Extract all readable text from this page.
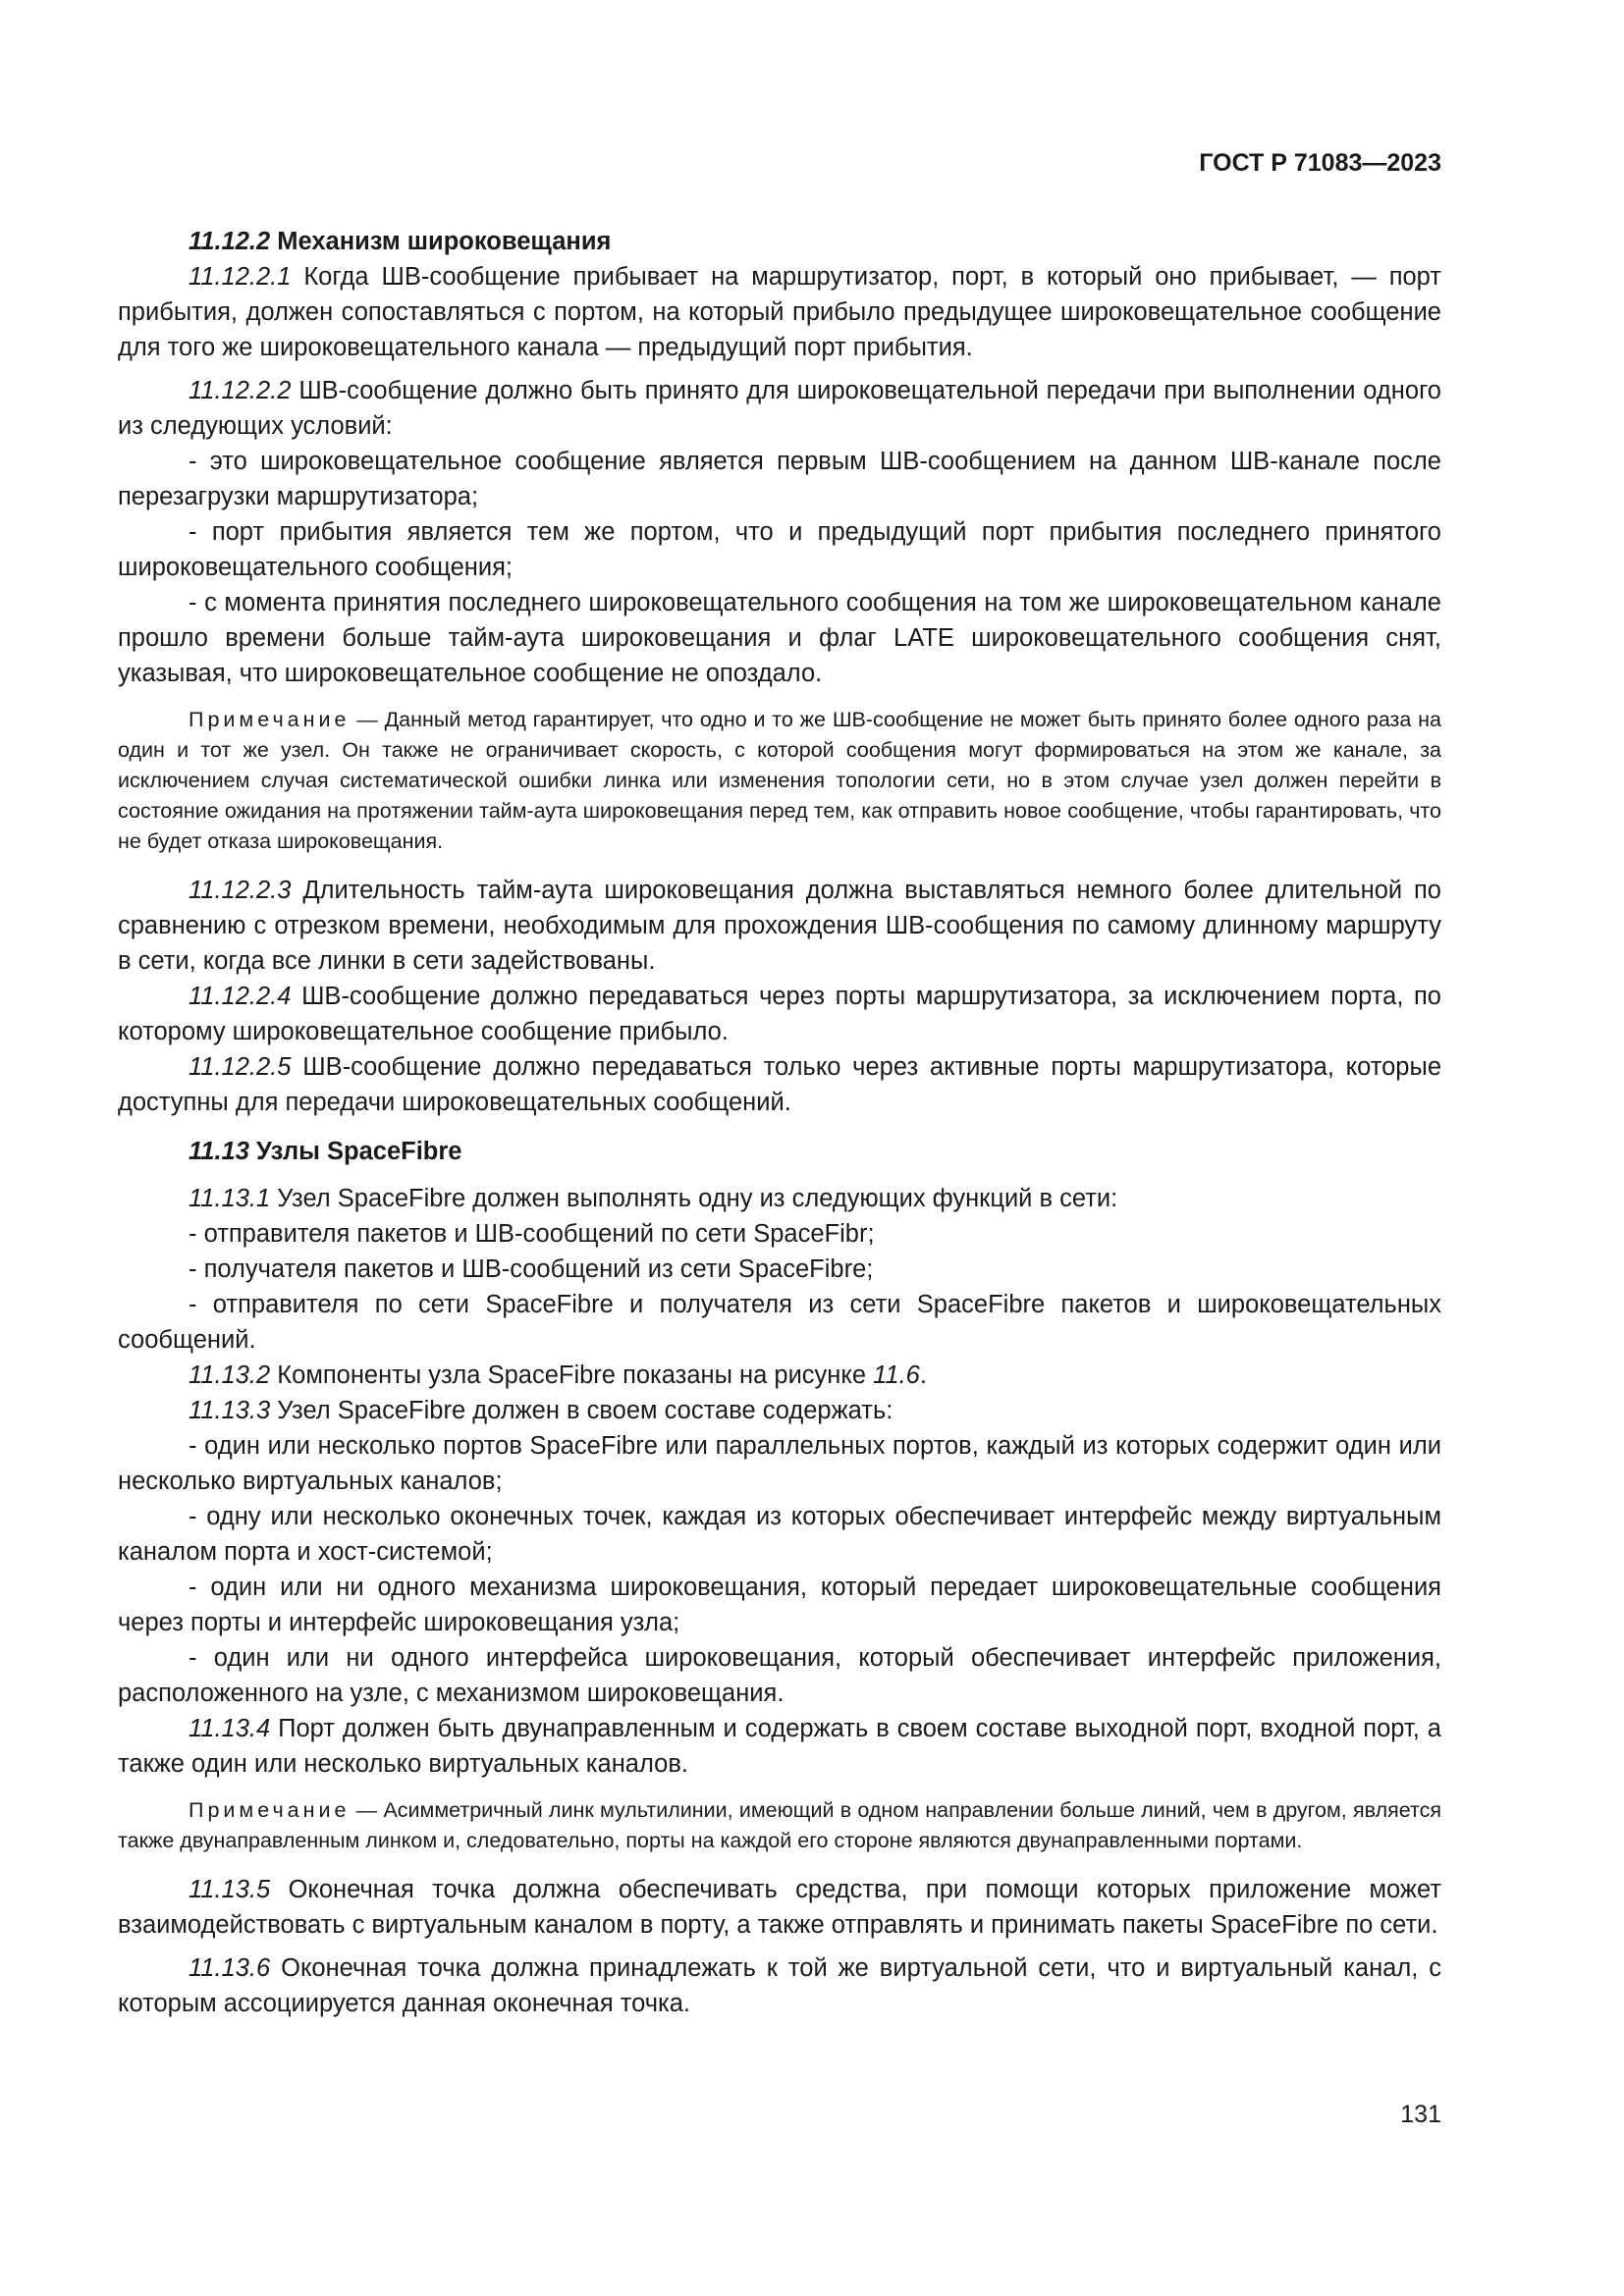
ГОСТ Р 71083—2023

11.12.2 Механизм широковещания

11.12.2.1 Когда ШВ-сообщение прибывает на маршрутизатор, порт, в который оно прибывает, — порт прибытия, должен сопоставляться с портом, на который прибыло предыдущее широковещательное сообщение для того же широковещательного канала — предыдущий порт прибытия.

11.12.2.2 ШВ-сообщение должно быть принято для широковещательной передачи при выполнении одного из следующих условий:

- это широковещательное сообщение является первым ШВ-сообщением на данном ШВ-канале после перезагрузки маршрутизатора;

- порт прибытия является тем же портом, что и предыдущий порт прибытия последнего принятого широковещательного сообщения;

- с момента принятия последнего широковещательного сообщения на том же широковещательном канале прошло времени больше тайм-аута широковещания и флаг LATE широковещательного сообщения снят, указывая, что широковещательное сообщение не опоздало.

Примечание — Данный метод гарантирует, что одно и то же ШВ-сообщение не может быть принято более одного раза на один и тот же узел. Он также не ограничивает скорость, с которой сообщения могут формироваться на этом же канале, за исключением случая систематической ошибки линка или изменения топологии сети, но в этом случае узел должен перейти в состояние ожидания на протяжении тайм-аута широковещания перед тем, как отправить новое сообщение, чтобы гарантировать, что не будет отказа широковещания.

11.12.2.3 Длительность тайм-аута широковещания должна выставляться немного более длительной по сравнению с отрезком времени, необходимым для прохождения ШВ-сообщения по самому длинному маршруту в сети, когда все линки в сети задействованы.

11.12.2.4 ШВ-сообщение должно передаваться через порты маршрутизатора, за исключением порта, по которому широковещательное сообщение прибыло.

11.12.2.5 ШВ-сообщение должно передаваться только через активные порты маршрутизатора, которые доступны для передачи широковещательных сообщений.

11.13 Узлы SpaceFibre

11.13.1 Узел SpaceFibre должен выполнять одну из следующих функций в сети:

- отправителя пакетов и ШВ-сообщений по сети SpaceFibr;

- получателя пакетов и ШВ-сообщений из сети SpaceFibre;

- отправителя по сети SpaceFibre и получателя из сети SpaceFibre пакетов и широковещательных сообщений.

11.13.2 Компоненты узла SpaceFibre показаны на рисунке 11.6.

11.13.3 Узел SpaceFibre должен в своем составе содержать:

- один или несколько портов SpaceFibre или параллельных портов, каждый из которых содержит один или несколько виртуальных каналов;

- одну или несколько оконечных точек, каждая из которых обеспечивает интерфейс между виртуальным каналом порта и хост-системой;

- один или ни одного механизма широковещания, который передает широковещательные сообщения через порты и интерфейс широковещания узла;

- один или ни одного интерфейса широковещания, который обеспечивает интерфейс приложения, расположенного на узле, с механизмом широковещания.

11.13.4 Порт должен быть двунаправленным и содержать в своем составе выходной порт, входной порт, а также один или несколько виртуальных каналов.

Примечание — Асимметричный линк мультилинии, имеющий в одном направлении больше линий, чем в другом, является также двунаправленным линком и, следовательно, порты на каждой его стороне являются двунаправленными портами.

11.13.5 Оконечная точка должна обеспечивать средства, при помощи которых приложение может взаимодействовать с виртуальным каналом в порту, а также отправлять и принимать пакеты SpaceFibre по сети.

11.13.6 Оконечная точка должна принадлежать к той же виртуальной сети, что и виртуальный канал, с которым ассоциируется данная оконечная точка.

131
